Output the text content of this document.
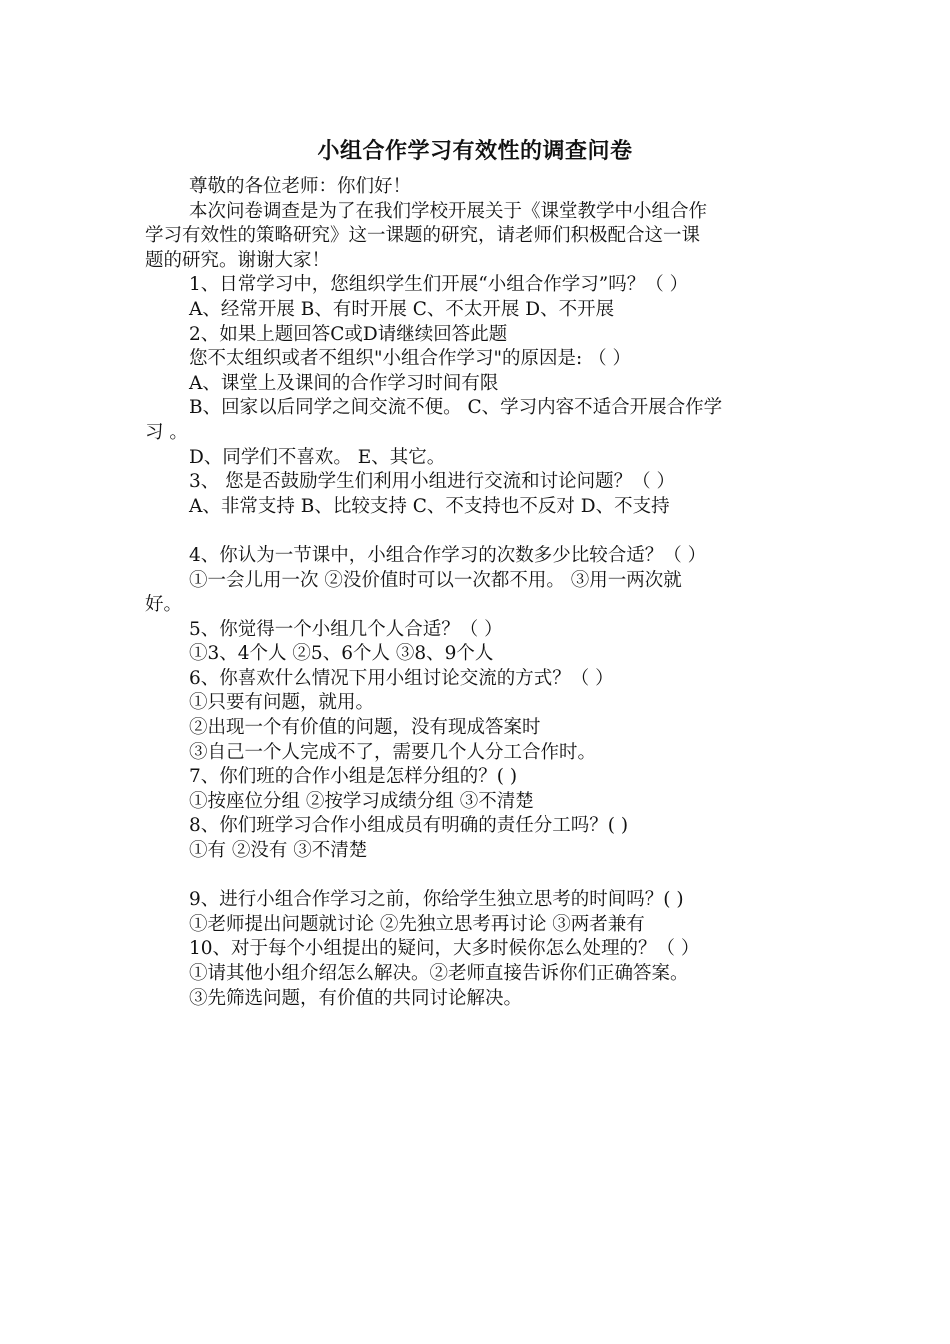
小组合作学习有效性的调查问卷
尊敬的各位老师：你们好！
本次问卷调查是为了在我们学校开展关于《课堂教学中小组合作
学习有效性的策略研究》这一课题的研究，请老师们积极配合这一课
题的研究。谢谢大家！
1、日常学习中，您组织学生们开展“小组合作学习”吗？（ ）
A、经常开展 B、有时开展 C、不太开展 D、不开展
2、如果上题回答C或D请继续回答此题
您不太组织或者不组织"小组合作学习"的原因是: （ ）
A、课堂上及课间的合作学习时间有限
B、回家以后同学之间交流不便。 C、学习内容不适合开展合作学
习 。
D、同学们不喜欢。 E、其它。
3、 您是否鼓励学生们利用小组进行交流和讨论问题？（ ）
A、非常支持 B、比较支持 C、不支持也不反对 D、不支持
4、你认为一节课中，小组合作学习的次数多少比较合适？（ ）
①一会儿用一次 ②没价值时可以一次都不用。 ③用一两次就
好。
5、你觉得一个小组几个人合适？（ ）
①3、4个人 ②5、6个人 ③8、9个人
6、你喜欢什么情况下用小组讨论交流的方式？（ ）
①只要有问题，就用。
②出现一个有价值的问题，没有现成答案时
③自己一个人完成不了，需要几个人分工合作时。
7、你们班的合作小组是怎样分组的？( )
①按座位分组 ②按学习成绩分组 ③不清楚
8、你们班学习合作小组成员有明确的责任分工吗？( )
①有 ②没有 ③不清楚
9、进行小组合作学习之前，你给学生独立思考的时间吗？( )
①老师提出问题就讨论 ②先独立思考再讨论 ③两者兼有
10、对于每个小组提出的疑问，大多时候你怎么处理的？（ ）
①请其他小组介绍怎么解决。②老师直接告诉你们正确答案。
③先筛选问题，有价值的共同讨论解决。
